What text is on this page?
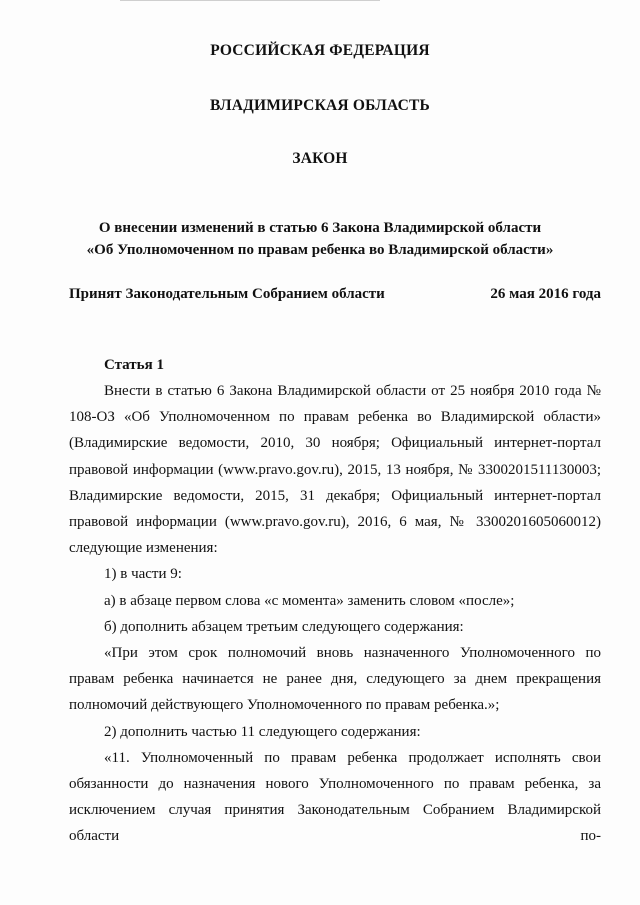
РОССИЙСКАЯ ФЕДЕРАЦИЯ
ВЛАДИМИРСКАЯ ОБЛАСТЬ
ЗАКОН
О внесении изменений в статью 6 Закона Владимирской области
«Об Уполномоченном по правам ребенка во Владимирской области»
Принят Законодательным Собранием области	26 мая 2016 года
Статья 1

Внести в статью 6 Закона Владимирской области от 25 ноября 2010 года № 108-ОЗ «Об Уполномоченном по правам ребенка во Владимирской области» (Владимирские ведомости, 2010, 30 ноября; Официальный интернет-портал правовой информации (www.pravo.gov.ru), 2015, 13 ноября, № 3300201511130003; Владимирские ведомости, 2015, 31 декабря; Официальный интернет-портал правовой информации (www.pravo.gov.ru), 2016, 6 мая, № 3300201605060012) следующие изменения:

1) в части 9:

а) в абзаце первом слова «с момента» заменить словом «после»;

б) дополнить абзацем третьим следующего содержания:

«При этом срок полномочий вновь назначенного Уполномоченного по правам ребенка начинается не ранее дня, следующего за днем прекращения полномочий действующего Уполномоченного по правам ребенка.»;

2) дополнить частью 11 следующего содержания:

«11. Уполномоченный по правам ребенка продолжает исполнять свои обязанности до назначения нового Уполномоченного по правам ребенка, за исключением случая принятия Законодательным Собранием Владимирской области по-
